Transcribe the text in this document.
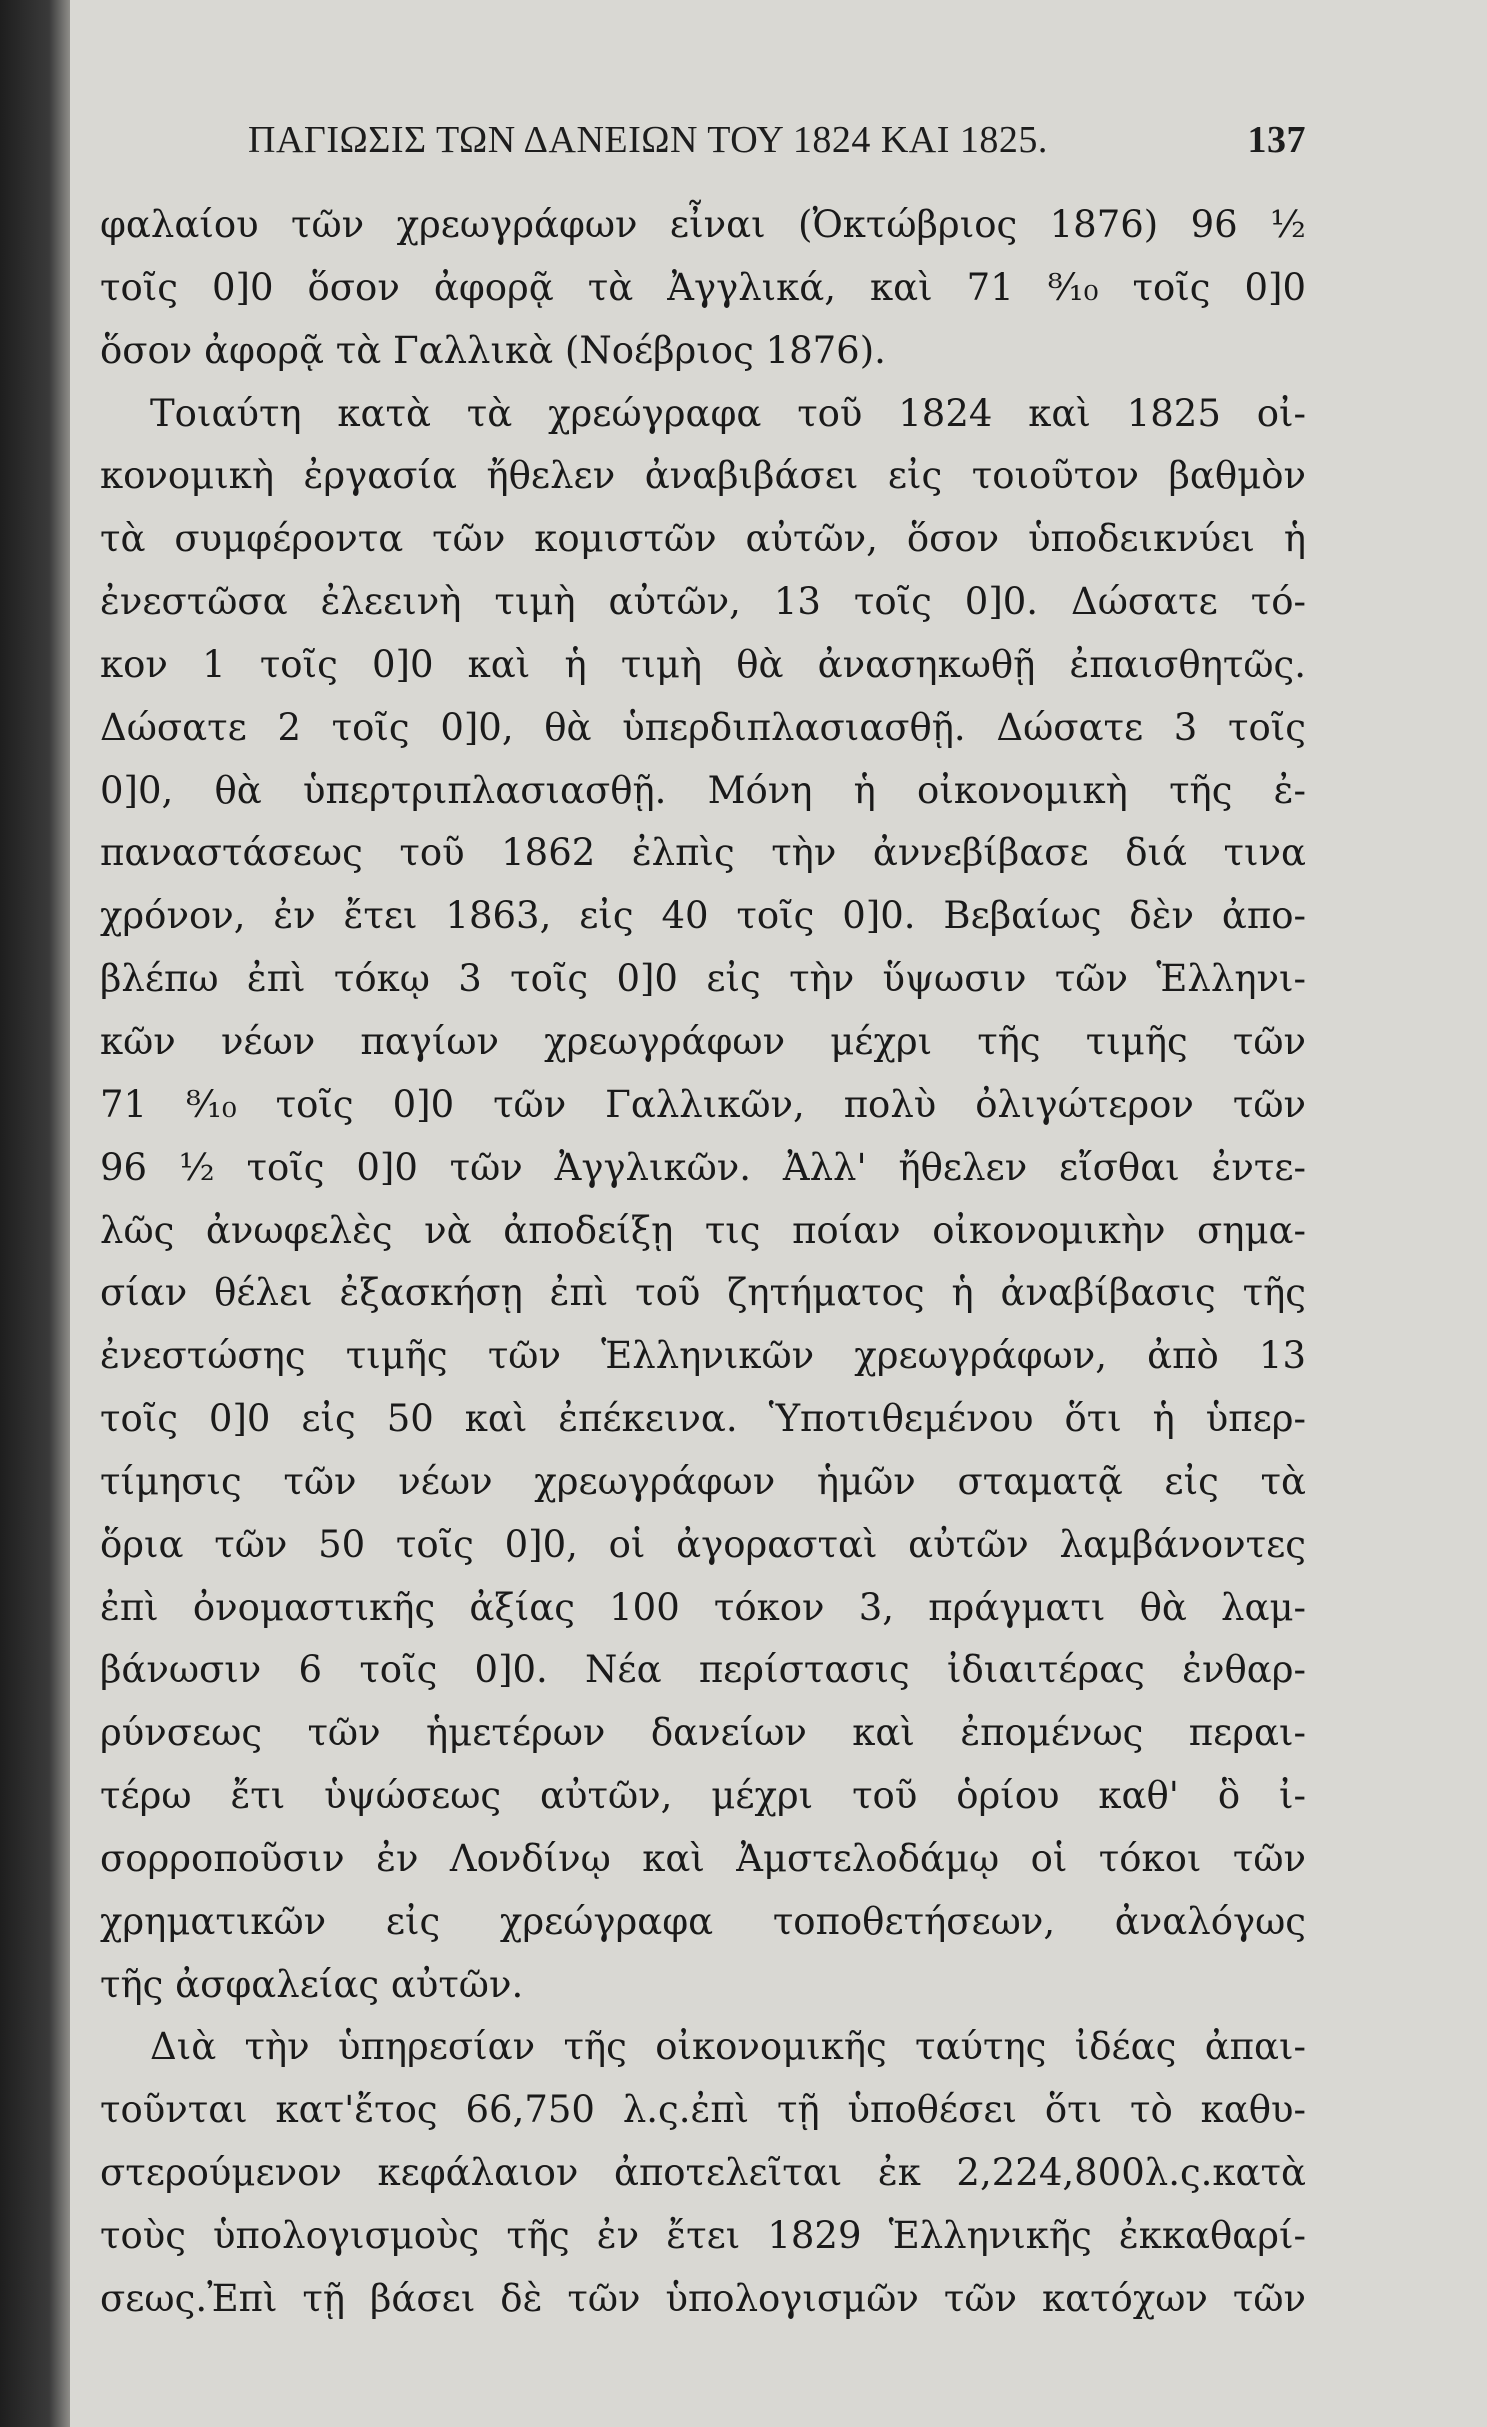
ΠΑΓΙΩΣΙΣ ΤΩΝ ΔΑΝΕΙΩΝ ΤΟΥ 1824 ΚΑΙ 1825.	137
φαλαίου τῶν χρεωγράφων εἶναι (Ὀκτώβριος 1876) 96 ½
τοῖς 0]0 ὅσον ἀφορᾷ τὰ Ἀγγλικά, καὶ 71 ⁸⁄₁₀ τοῖς 0]0
ὅσον ἀφορᾷ τὰ Γαλλικὰ (Νοέβριος 1876).
Τοιαύτη κατὰ τὰ χρεώγραφα τοῦ 1824 καὶ 1825 οἰ-
κονομικὴ ἐργασία ἤθελεν ἀναβιβάσει εἰς τοιοῦτον βαθμὸν
τὰ συμφέροντα τῶν κομιστῶν αὐτῶν, ὅσον ὑποδεικνύει ἡ
ἐνεστῶσα ἐλεεινὴ τιμὴ αὐτῶν, 13 τοῖς 0]0. Δώσατε τό-
κον 1 τοῖς 0]0 καὶ ἡ τιμὴ θὰ ἀνασηκωθῇ ἐπαισθητῶς.
Δώσατε 2 τοῖς 0]0, θὰ ὑπερδιπλασιασθῇ. Δώσατε 3 τοῖς
0]0, θὰ ὑπερτριπλασιασθῇ. Μόνη ἡ οἰκονομικὴ τῆς ἐ-
παναστάσεως τοῦ 1862 ἐλπὶς τὴν ἀννεβίβασε διά τινα
χρόνον, ἐν ἔτει 1863, εἰς 40 τοῖς 0]0. Βεβαίως δὲν ἀπο-
βλέπω ἐπὶ τόκῳ 3 τοῖς 0]0 εἰς τὴν ὕψωσιν τῶν Ἑλληνι-
κῶν νέων παγίων χρεωγράφων μέχρι τῆς τιμῆς τῶν
71 ⁸⁄₁₀ τοῖς 0]0 τῶν Γαλλικῶν, πολὺ ὀλιγώτερον τῶν
96 ½ τοῖς 0]0 τῶν Ἀγγλικῶν. Ἀλλ' ἤθελεν εἴσθαι ἐντε-
λῶς ἀνωφελὲς νὰ ἀποδείξῃ τις ποίαν οἰκονομικὴν σημα-
σίαν θέλει ἐξασκήσῃ ἐπὶ τοῦ ζητήματος ἡ ἀναβίβασις τῆς
ἐνεστώσης τιμῆς τῶν Ἑλληνικῶν χρεωγράφων, ἀπὸ 13
τοῖς 0]0 εἰς 50 καὶ ἐπέκεινα. Ὑποτιθεμένου ὅτι ἡ ὑπερ-
τίμησις τῶν νέων χρεωγράφων ἡμῶν σταματᾷ εἰς τὰ
ὅρια τῶν 50 τοῖς 0]0, οἱ ἀγορασταὶ αὐτῶν λαμβάνοντες
ἐπὶ ὀνομαστικῆς ἀξίας 100 τόκον 3, πράγματι θὰ λαμ-
βάνωσιν 6 τοῖς 0]0. Νέα περίστασις ἰδιαιτέρας ἐνθαρ-
ρύνσεως τῶν ἡμετέρων δανείων καὶ ἐπομένως περαι-
τέρω ἔτι ὑψώσεως αὐτῶν, μέχρι τοῦ ὁρίου καθ' ὃ ἰ-
σορροποῦσιν ἐν Λονδίνῳ καὶ Ἀμστελοδάμῳ οἱ τόκοι τῶν
χρηματικῶν εἰς χρεώγραφα τοποθετήσεων, ἀναλόγως
τῆς ἀσφαλείας αὐτῶν.
Διὰ τὴν ὑπηρεσίαν τῆς οἰκονομικῆς ταύτης ἰδέας ἀπαι-
τοῦνται κατ'ἔτος 66,750 λ.ς.ἐπὶ τῇ ὑποθέσει ὅτι τὸ καθυ-
στερούμενον κεφάλαιον ἀποτελεῖται ἐκ 2,224,800λ.ς.κατὰ
τοὺς ὑπολογισμοὺς τῆς ἐν ἔτει 1829 Ἑλληνικῆς ἐκκαθαρί-
σεως.Ἐπὶ τῇ βάσει δὲ τῶν ὑπολογισμῶν τῶν κατόχων τῶν
